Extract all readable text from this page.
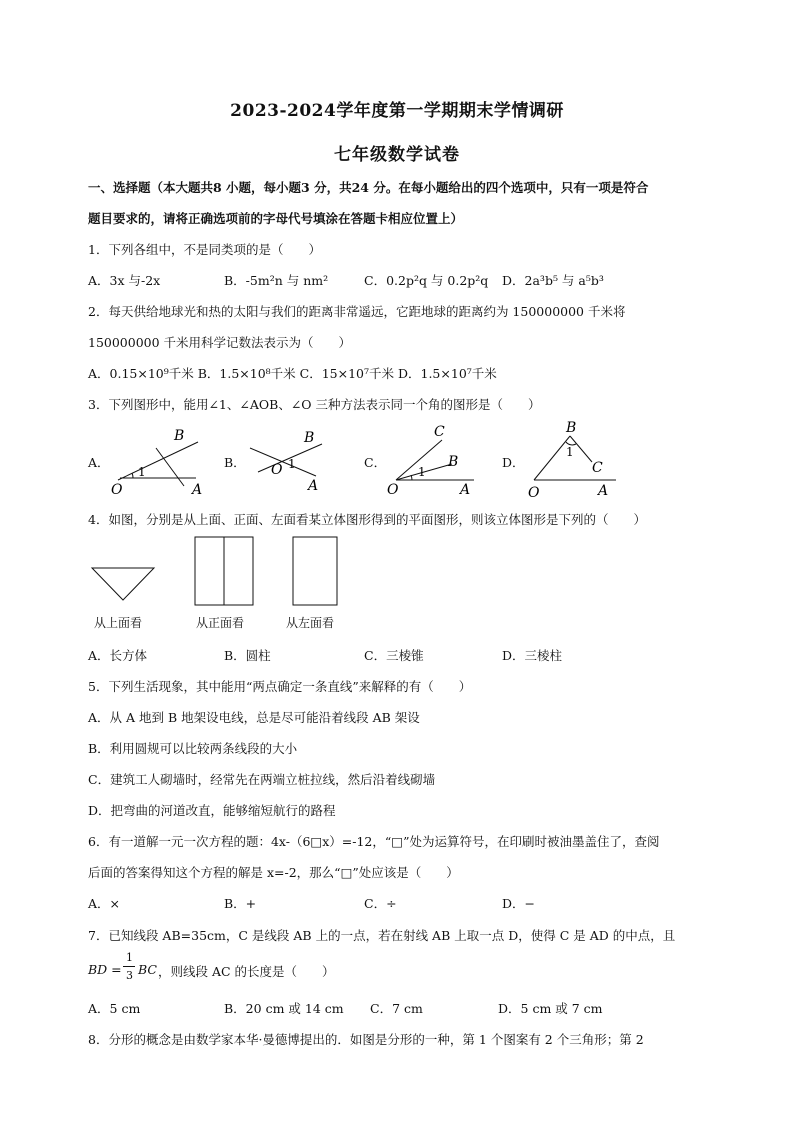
2023-2024学年度第一学期期末学情调研
七年级数学试卷
一、选择题（本大题共8 小题，每小题3 分，共24 分。在每小题给出的四个选项中，只有一项是符合
题目要求的，请将正确选项前的字母代号填涂在答题卡相应位置上）
1．下列各组中，不是同类项的是（　　）
A．3x 与-2x	B．-5m²n 与 nm²	C．0.2p²q 与 0.2p²q D．2a³b⁵ 与 a⁵b³
2．每天供给地球光和热的太阳与我们的距离非常遥远，它距地球的距离约为 150000000 千米将
150000000 千米用科学记数法表示为（　　）
A．0.15×10⁹千米 B．1.5×10⁸千米 C．15×10⁷千米 D．1.5×10⁷千米
3．下列图形中，能用∠1、∠AOB、∠O 三种方法表示同一个角的图形是（　　）
A．
1
B
O	A
B．	1
B
O
A
C．
1
C
B
O	A
D．
B
1
C
O	A
4．如图，分别是从上面、正面、左面看某立体图形得到的平面图形，则该立体图形是下列的（　　）
从上面看	从正面看	从左面看
A．长方体	B．圆柱	C．三棱锥	D．三棱柱
5．下列生活现象，其中能用“两点确定一条直线”来解释的有（　　）
A．从 A 地到 B 地架设电线，总是尽可能沿着线段 AB 架设
B．利用圆规可以比较两条线段的大小
C．建筑工人砌墙时，经常先在两端立桩拉线，然后沿着线砌墙
D．把弯曲的河道改直，能够缩短航行的路程
6．有一道解一元一次方程的题：4x-（6□x）=-12，“□”处为运算符号，在印刷时被油墨盖住了，查阅
后面的答案得知这个方程的解是 x=-2，那么“□”处应该是（　　）
A．×	B．+	C．÷	D．−
7．已知线段 AB=35cm，C 是线段 AB 上的一点，若在射线 AB 上取一点 D，使得 C 是 AD 的中点，且
BD =
1
3 BC ，则线段 AC 的长度是（　　）
A．5 cm	B．20 cm 或 14 cm C．7 cm	D．5 cm 或 7 cm
8．分形的概念是由数学家本华·曼德博提出的．如图是分形的一种，第 1 个图案有 2 个三角形；第 2
